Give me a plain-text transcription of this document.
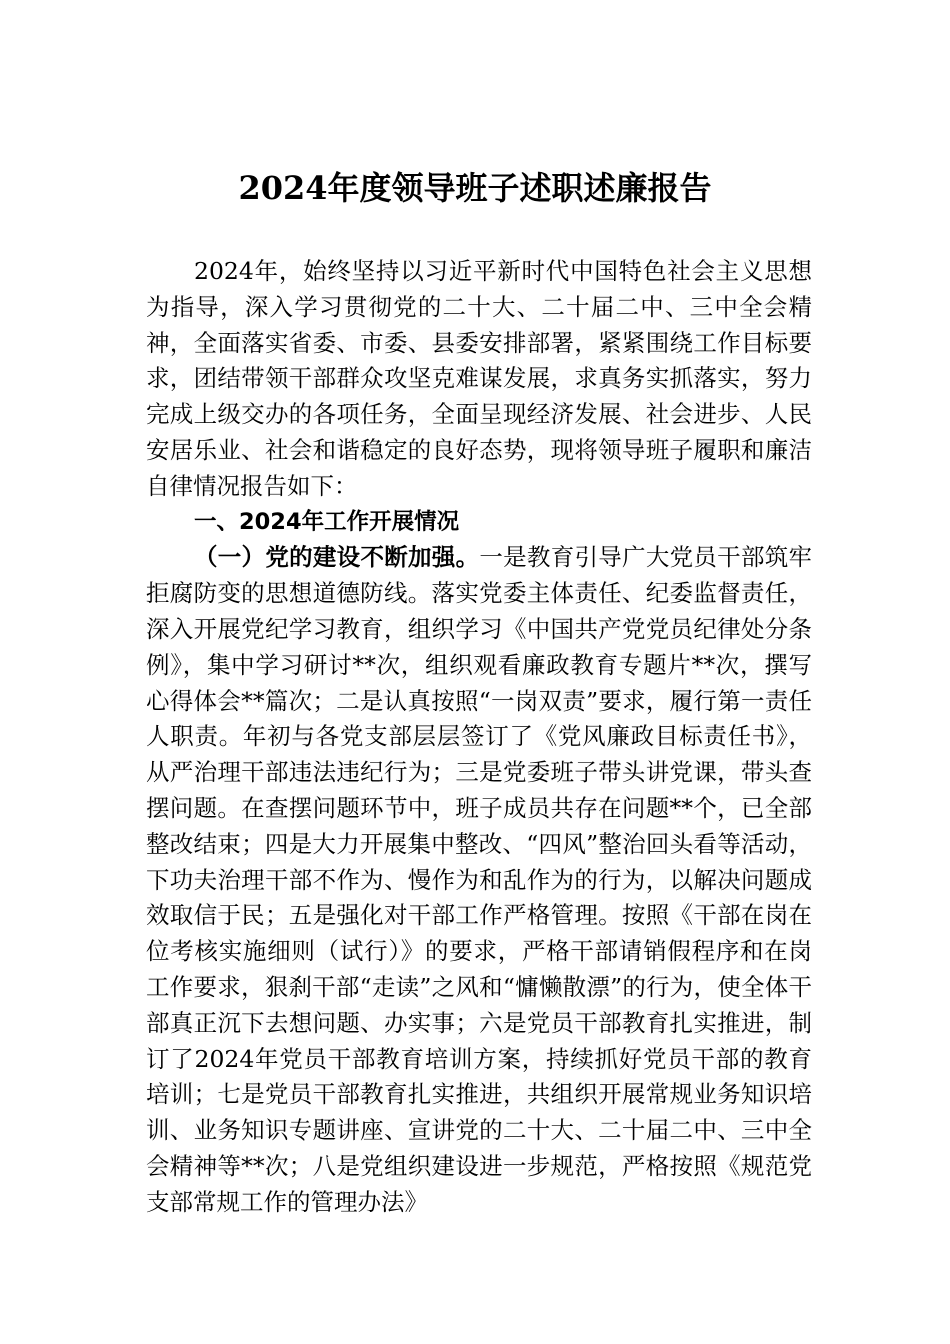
2024年度领导班子述职述廉报告

2024年，始终坚持以习近平新时代中国特色社会主义思想为指导，深入学习贯彻党的二十大、二十届二中、三中全会精神，全面落实省委、市委、县委安排部署，紧紧围绕工作目标要求，团结带领干部群众攻坚克难谋发展，求真务实抓落实，努力完成上级交办的各项任务，全面呈现经济发展、社会进步、人民安居乐业、社会和谐稳定的良好态势，现将领导班子履职和廉洁自律情况报告如下：

一、2024年工作开展情况

（一）党的建设不断加强。一是教育引导广大党员干部筑牢拒腐防变的思想道德防线。落实党委主体责任、纪委监督责任，深入开展党纪学习教育，组织学习《中国共产党党员纪律处分条例》，集中学习研讨**次，组织观看廉政教育专题片**次，撰写心得体会**篇次；二是认真按照“一岗双责”要求，履行第一责任人职责。年初与各党支部层层签订了《党风廉政目标责任书》，从严治理干部违法违纪行为；三是党委班子带头讲党课，带头查摆问题。在查摆问题环节中，班子成员共存在问题**个，已全部整改结束；四是大力开展集中整改、“四风”整治回头看等活动，下功夫治理干部不作为、慢作为和乱作为的行为，以解决问题成效取信于民；五是强化对干部工作严格管理。按照《干部在岗在位考核实施细则（试行）》的要求，严格干部请销假程序和在岗工作要求，狠刹干部“走读”之风和“慵懒散漂”的行为，使全体干部真正沉下去想问题、办实事；六是党员干部教育扎实推进，制订了2024年党员干部教育培训方案，持续抓好党员干部的教育培训；七是党员干部教育扎实推进，共组织开展常规业务知识培训、业务知识专题讲座、宣讲党的二十大、二十届二中、三中全会精神等**次；八是党组织建设进一步规范，严格按照《规范党支部常规工作的管理办法》
